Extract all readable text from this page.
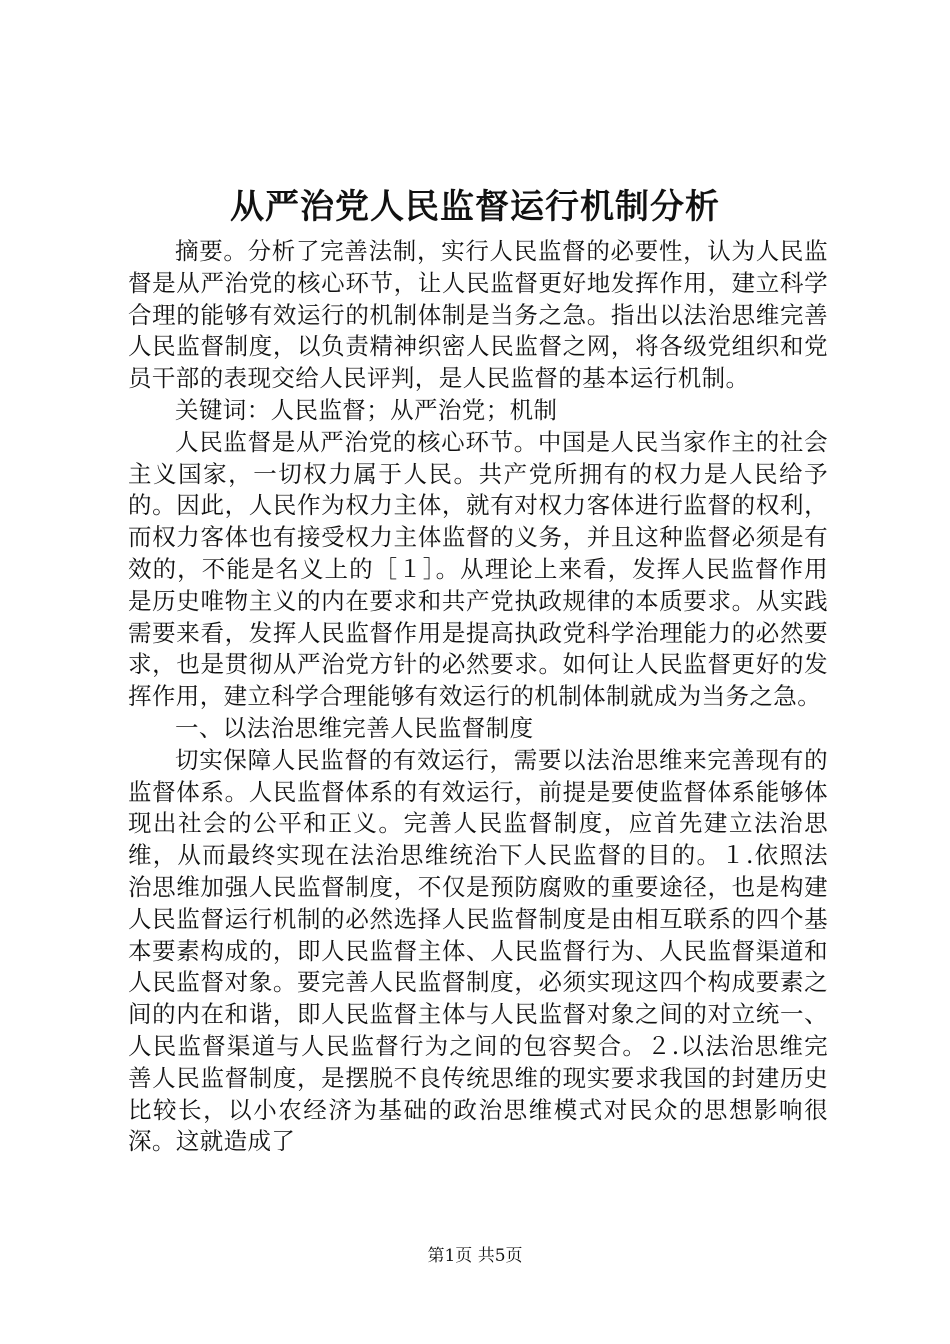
从严治党人民监督运行机制分析

摘要。分析了完善法制，实行人民监督的必要性，认为人民监督是从严治党的核心环节，让人民监督更好地发挥作用，建立科学合理的能够有效运行的机制体制是当务之急。指出以法治思维完善人民监督制度，以负责精神织密人民监督之网，将各级党组织和党员干部的表现交给人民评判，是人民监督的基本运行机制。

关键词：人民监督；从严治党；机制

人民监督是从严治党的核心环节。中国是人民当家作主的社会主义国家，一切权力属于人民。共产党所拥有的权力是人民给予的。因此，人民作为权力主体，就有对权力客体进行监督的权利，而权力客体也有接受权力主体监督的义务，并且这种监督必须是有效的，不能是名义上的［１］。从理论上来看，发挥人民监督作用是历史唯物主义的内在要求和共产党执政规律的本质要求。从实践需要来看，发挥人民监督作用是提高执政党科学治理能力的必然要求，也是贯彻从严治党方针的必然要求。如何让人民监督更好的发挥作用，建立科学合理能够有效运行的机制体制就成为当务之急。

一、以法治思维完善人民监督制度

切实保障人民监督的有效运行，需要以法治思维来完善现有的监督体系。人民监督体系的有效运行，前提是要使监督体系能够体现出社会的公平和正义。完善人民监督制度，应首先建立法治思维，从而最终实现在法治思维统治下人民监督的目的。１.依照法治思维加强人民监督制度，不仅是预防腐败的重要途径，也是构建人民监督运行机制的必然选择人民监督制度是由相互联系的四个基本要素构成的，即人民监督主体、人民监督行为、人民监督渠道和人民监督对象。要完善人民监督制度，必须实现这四个构成要素之间的内在和谐，即人民监督主体与人民监督对象之间的对立统一、人民监督渠道与人民监督行为之间的包容契合。２.以法治思维完善人民监督制度，是摆脱不良传统思维的现实要求我国的封建历史比较长，以小农经济为基础的政治思维模式对民众的思想影响很深。这就造成了

第1页 共5页
